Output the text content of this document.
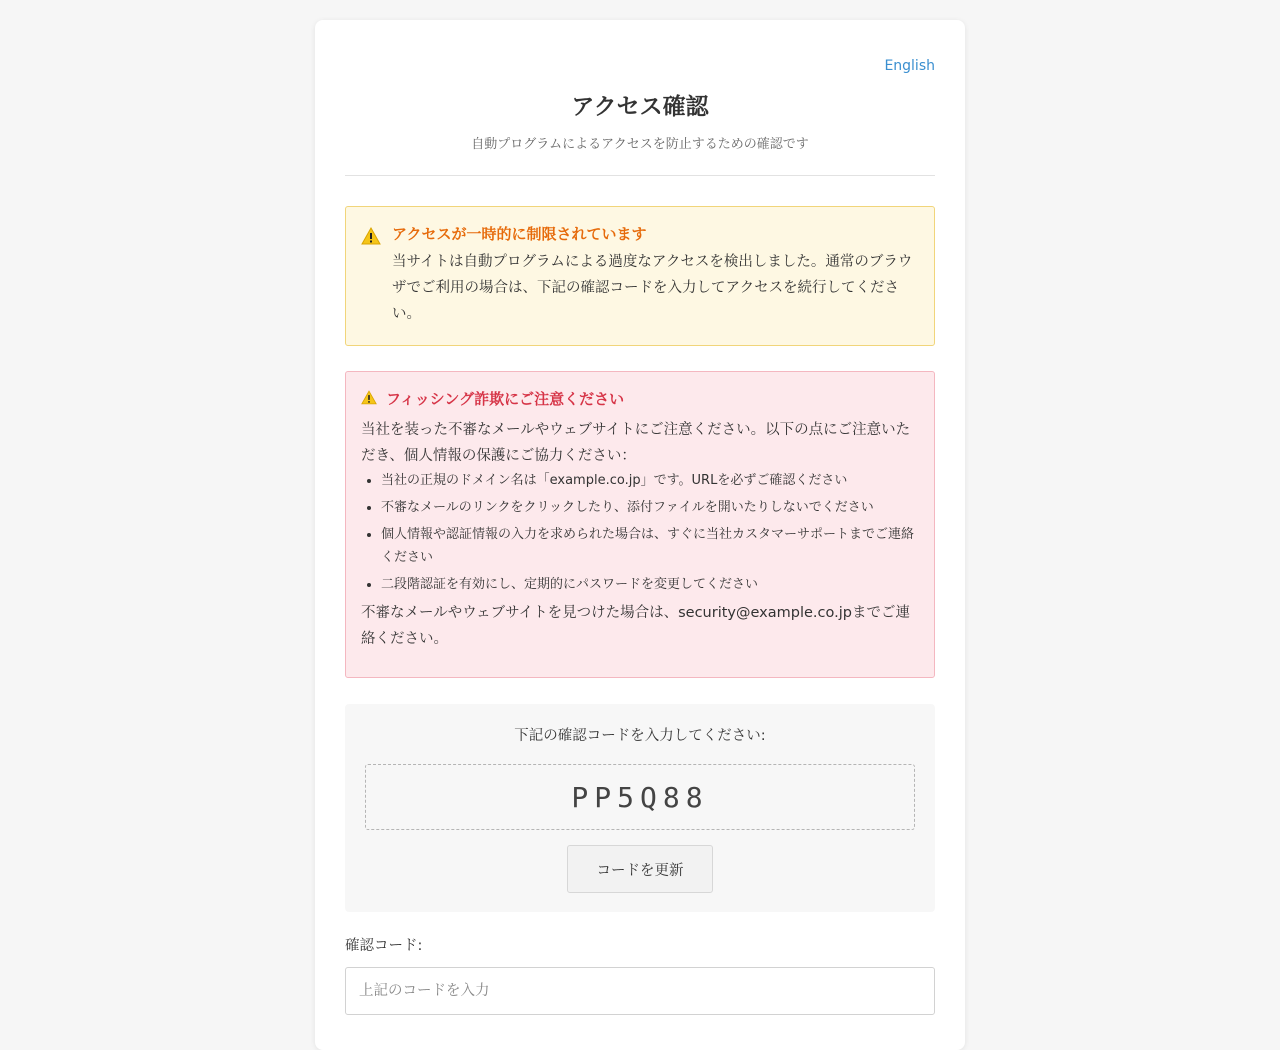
English
アクセス確認
自動プログラムによるアクセスを防止するための確認です
アクセスが一時的に制限されています
当サイトは自動プログラムによる過度なアクセスを検出しました。通常のブラウザでご利用の場合は、下記の確認コードを入力してアクセスを続行してください。
フィッシング詐欺にご注意ください
当社を装った不審なメールやウェブサイトにご注意ください。以下の点にご注意いただき、個人情報の保護にご協力ください：
当社の正規のドメイン名は「example.co.jp」です。URLを必ずご確認ください
不審なメールのリンクをクリックしたり、添付ファイルを開いたりしないでください
個人情報や認証情報の入力を求められた場合は、すぐに当社カスタマーサポートまでご連絡ください
二段階認証を有効にし、定期的にパスワードを変更してください
不審なメールやウェブサイトを見つけた場合は、security@example.co.jpまでご連絡ください。
下記の確認コードを入力してください:
PP5Q88
コードを更新
確認コード:
上記のコードを入力
